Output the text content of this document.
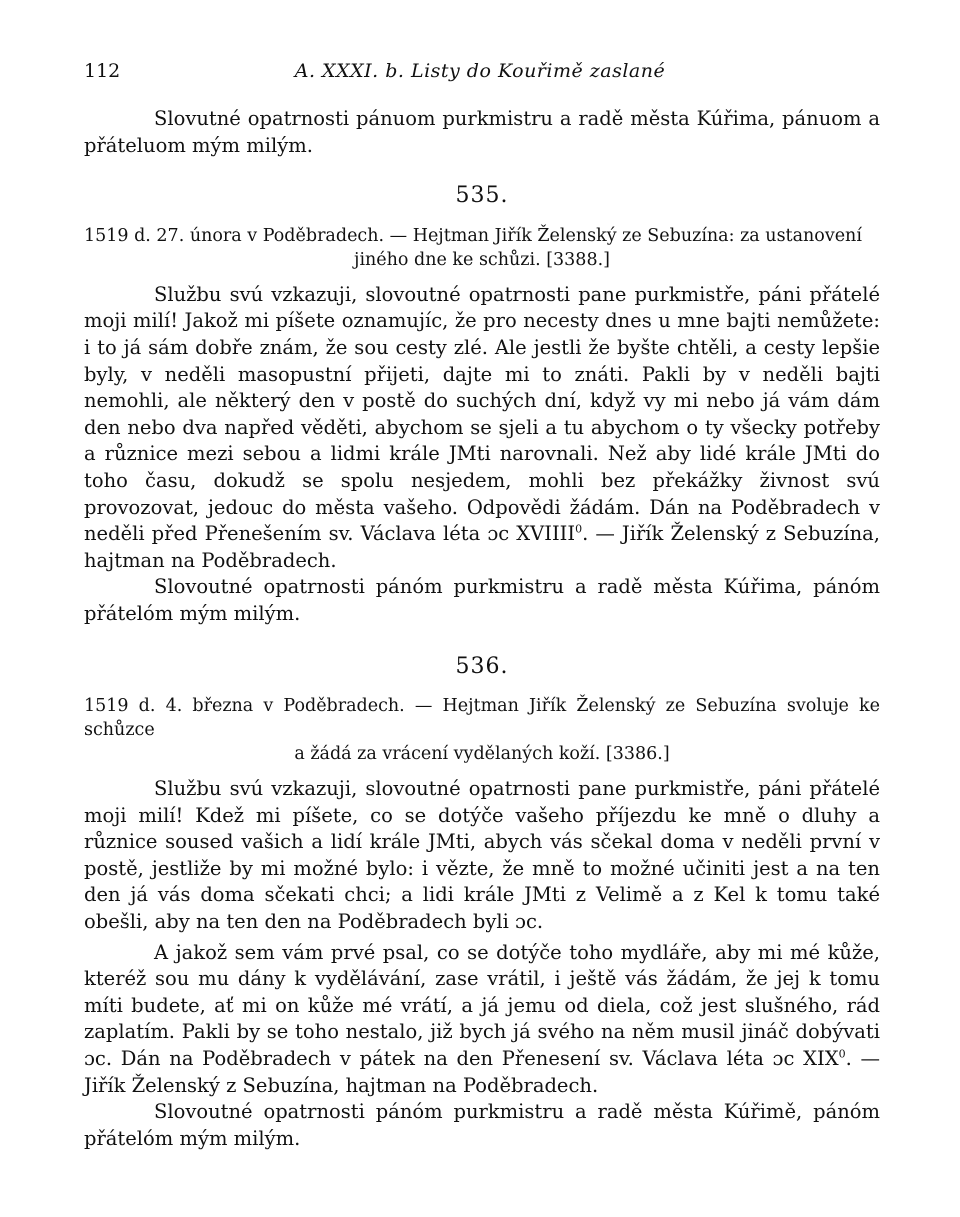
112	A. XXXI. b. Listy do Kouřimě zaslané

Slovutné opatrnosti pánuom purkmistru a radě města Kúřima, pánuom a přáteluom mým milým.

535.

1519 d. 27. února v Poděbradech. — Hejtman Jiřík Želenský ze Sebuzína: za ustanovení
jiného dne ke schůzi. [3388.]

Službu svú vzkazuji, slovoutné opatrnosti pane purkmistře, páni přátelé moji milí! Jakož mi píšete oznamujíc, že pro necesty dnes u mne bajti nemůžete: i to já sám dobře znám, že sou cesty zlé. Ale jestli že byšte chtěli, a cesty lepšie byly, v neděli masopustní přijeti, dajte mi to znáti. Pakli by v neděli bajti nemohli, ale některý den v postě do suchých dní, když vy mi nebo já vám dám den nebo dva napřed věděti, abychom se sjeli a tu abychom o ty všecky potřeby a různice mezi sebou a lidmi krále JMti narovnali. Než aby lidé krále JMti do toho času, dokudž se spolu nesjedem, mohli bez překážky živnost svú provozovat, jedouc do města vašeho. Odpovědi žádám. Dán na Poděbradech v neděli před Přenešením sv. Václava léta ɔc XVIIII$^0$. — Jiřík Želenský z Sebuzína, hajtman na Poděbradech.

Slovoutné opatrnosti pánóm purkmistru a radě města Kúřima, pánóm přátelóm mým milým.

536.

1519 d. 4. března v Poděbradech. — Hejtman Jiřík Želenský ze Sebuzína svoluje ke schůzce
a žádá za vrácení vydělaných koží. [3386.]

Službu svú vzkazuji, slovoutné opatrnosti pane purkmistře, páni přátelé moji milí! Kdež mi píšete, co se dotýče vašeho příjezdu ke mně o dluhy a různice soused vašich a lidí krále JMti, abych vás sčekal doma v neděli první v postě, jestliže by mi možné bylo: i vězte, že mně to možné učiniti jest a na ten den já vás doma sčekati chci; a lidi krále JMti z Velimě a z Kel k tomu také obešli, aby na ten den na Poděbradech byli ɔc.

A jakož sem vám prvé psal, co se dotýče toho mydláře, aby mi mé kůže, kteréž sou mu dány k vydělávání, zase vrátil, i ještě vás žádám, že jej k tomu míti budete, ať mi on kůže mé vrátí, a já jemu od diela, což jest slušného, rád zaplatím. Pakli by se toho nestalo, již bych já svého na něm musil jináč dobývati ɔc. Dán na Poděbradech v pátek na den Přenesení sv. Václava léta ɔc XIX$^0$. — Jiřík Želenský z Sebuzína, hajtman na Poděbradech.

Slovoutné opatrnosti pánóm purkmistru a radě města Kúřimě, pánóm přátelóm mým milým.
